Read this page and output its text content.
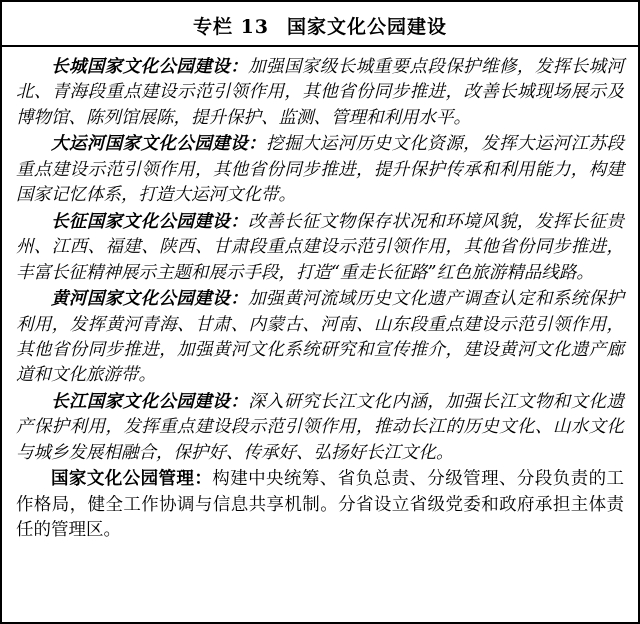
专栏 13 国家文化公园建设

长城国家文化公园建设：加强国家级长城重要点段保护维修，发挥长城河北、青海段重点建设示范引领作用，其他省份同步推进，改善长城现场展示及博物馆、陈列馆展陈，提升保护、监测、管理和利用水平。

大运河国家文化公园建设：挖掘大运河历史文化资源，发挥大运河江苏段重点建设示范引领作用，其他省份同步推进，提升保护传承和利用能力，构建国家记忆体系，打造大运河文化带。

长征国家文化公园建设：改善长征文物保存状况和环境风貌，发挥长征贵州、江西、福建、陕西、甘肃段重点建设示范引领作用，其他省份同步推进，丰富长征精神展示主题和展示手段，打造“重走长征路”红色旅游精品线路。

黄河国家文化公园建设：加强黄河流域历史文化遗产调查认定和系统保护利用，发挥黄河青海、甘肃、内蒙古、河南、山东段重点建设示范引领作用，其他省份同步推进，加强黄河文化系统研究和宣传推介，建设黄河文化遗产廊道和文化旅游带。

长江国家文化公园建设：深入研究长江文化内涵，加强长江文物和文化遗产保护利用，发挥重点建设段示范引领作用，推动长江的历史文化、山水文化与城乡发展相融合，保护好、传承好、弘扬好长江文化。

国家文化公园管理：构建中央统筹、省负总责、分级管理、分段负责的工作格局，健全工作协调与信息共享机制。分省设立省级党委和政府承担主体责任的管理区。
